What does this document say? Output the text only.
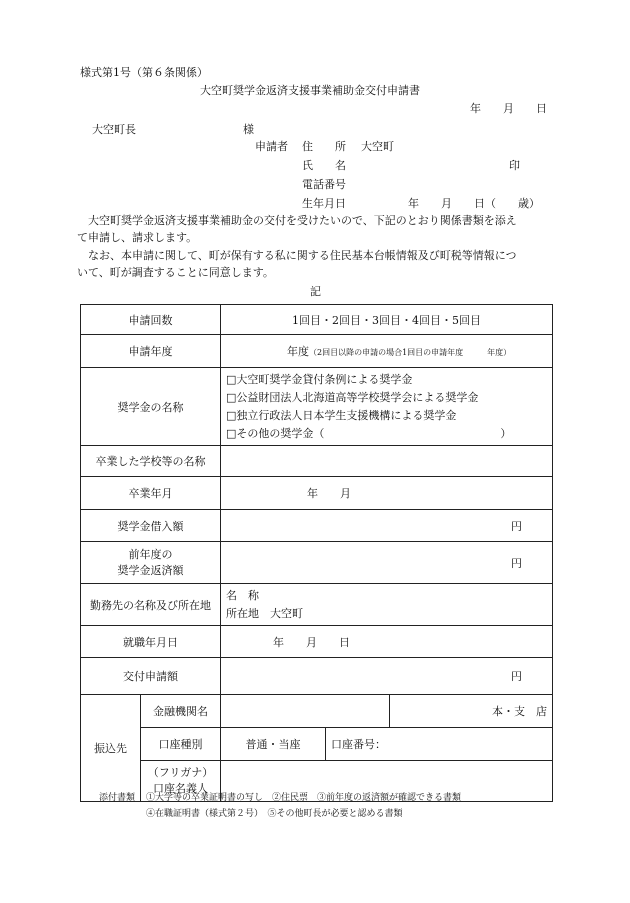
様式第1号（第６条関係）
大空町奨学金返済支援事業補助金交付申請書
年　　月　　日
大空町長	様
申請者 住　　所 大空町
氏　　名	印
電話番号
生年月日	年　　月　　日（　　歳）
大空町奨学金返済支援事業補助金の交付を受けたいので、下記のとおり関係書類を添え
て申請し、請求します。
なお、本申請に関して、町が保有する私に関する住民基本台帳情報及び町税等情報につ
いて、町が調査することに同意します。
記
申請回数		1回目・2回目・3回目・4回目・5回目		
申請年度		年度（2回目以降の申請の場合1回目の申請年度　　　年度）		
奨学金の名称		□大空町奨学金貸付条例による奨学金
□公益財団法人北海道高等学校奨学会による奨学金
□独立行政法人日本学生支援機構による奨学金
□その他の奨学金（　　　　　　　　　　　　　　　　）		

卒業した学校等の名称				
卒業年月		年　　月		
奨学金借入額		円		

前年度の
奨学金返済額		円		
勤務先の名称及び所在地		名　称
所在地　大空町		

就職年月日		年　　月　　日		
交付申請額		円		
振込先	金融機関名			本・支　店
	口座種別	普通・当座	口座番号：	

	（フリガナ）
口座名義人			

添付書類 ①大学等の卒業証明書の写し　②住民票　③前年度の返済額が確認できる書類
④在職証明書（様式第２号）　⑤その他町長が必要と認める書類
